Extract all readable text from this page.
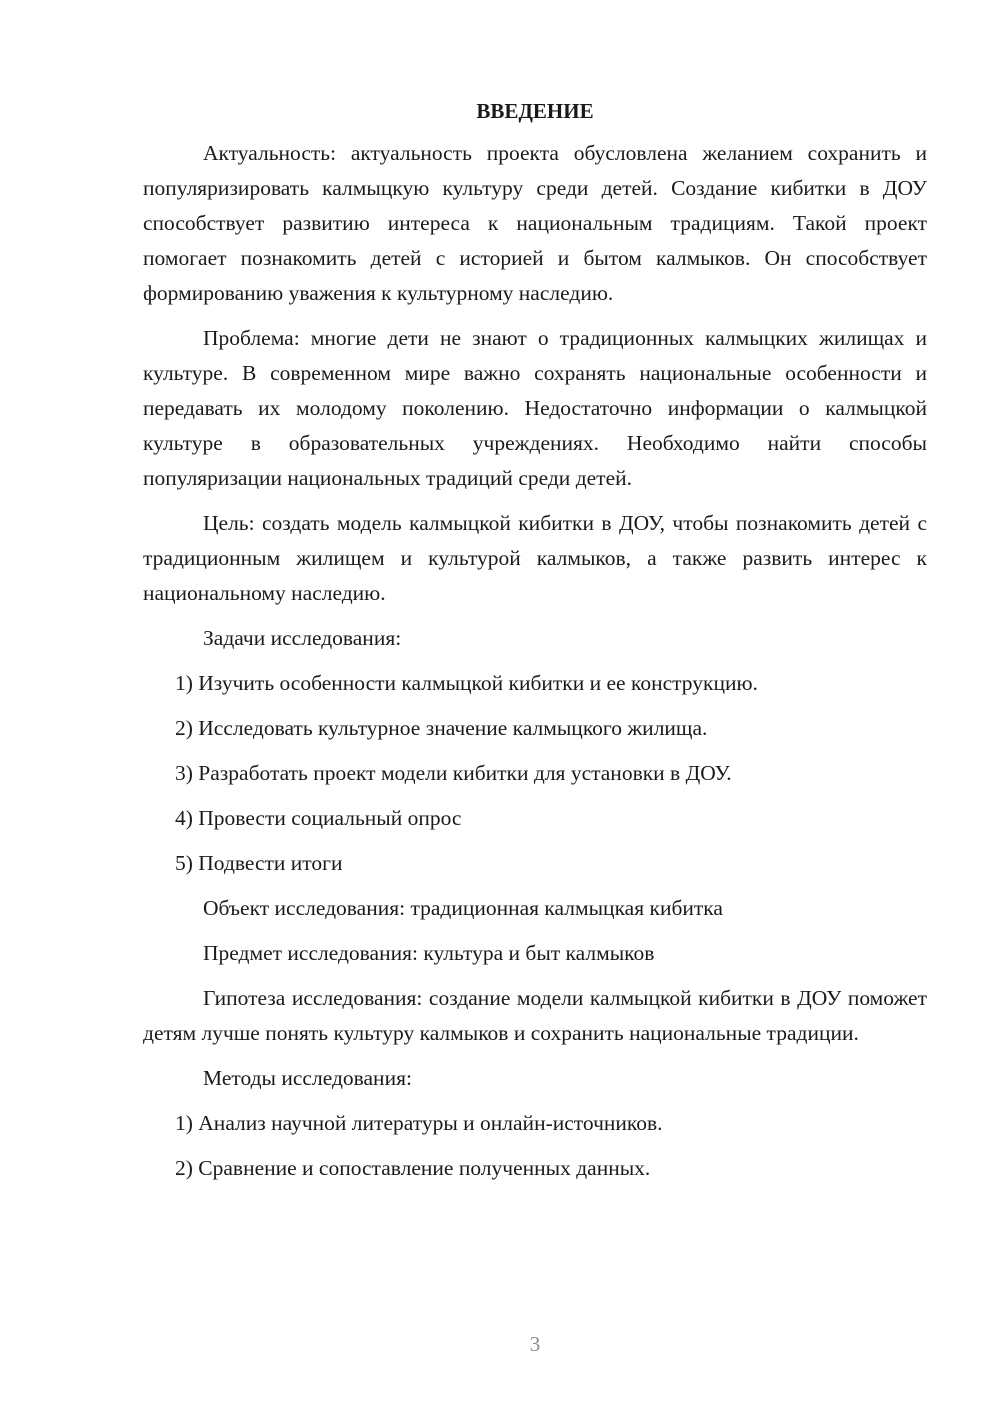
ВВЕДЕНИЕ
Актуальность: актуальность проекта обусловлена желанием сохранить и популяризировать калмыцкую культуру среди детей. Создание кибитки в ДОУ способствует развитию интереса к национальным традициям. Такой проект помогает познакомить детей с историей и бытом калмыков. Он способствует формированию уважения к культурному наследию.
Проблема: многие дети не знают о традиционных калмыцких жилищах и культуре. В современном мире важно сохранять национальные особенности и передавать их молодому поколению. Недостаточно информации о калмыцкой культуре в образовательных учреждениях. Необходимо найти способы популяризации национальных традиций среди детей.
Цель: создать модель калмыцкой кибитки в ДОУ, чтобы познакомить детей с традиционным жилищем и культурой калмыков, а также развить интерес к национальному наследию.
Задачи исследования:
1) Изучить особенности калмыцкой кибитки и ее конструкцию.
2) Исследовать культурное значение калмыцкого жилища.
3) Разработать проект модели кибитки для установки в ДОУ.
4) Провести социальный опрос
5) Подвести итоги
Объект исследования: традиционная калмыцкая кибитка
Предмет исследования: культура и быт калмыков
Гипотеза исследования: создание модели калмыцкой кибитки в ДОУ поможет детям лучше понять культуру калмыков и сохранить национальные традиции.
Методы исследования:
1) Анализ научной литературы и онлайн-источников.
2) Сравнение и сопоставление полученных данных.
3
